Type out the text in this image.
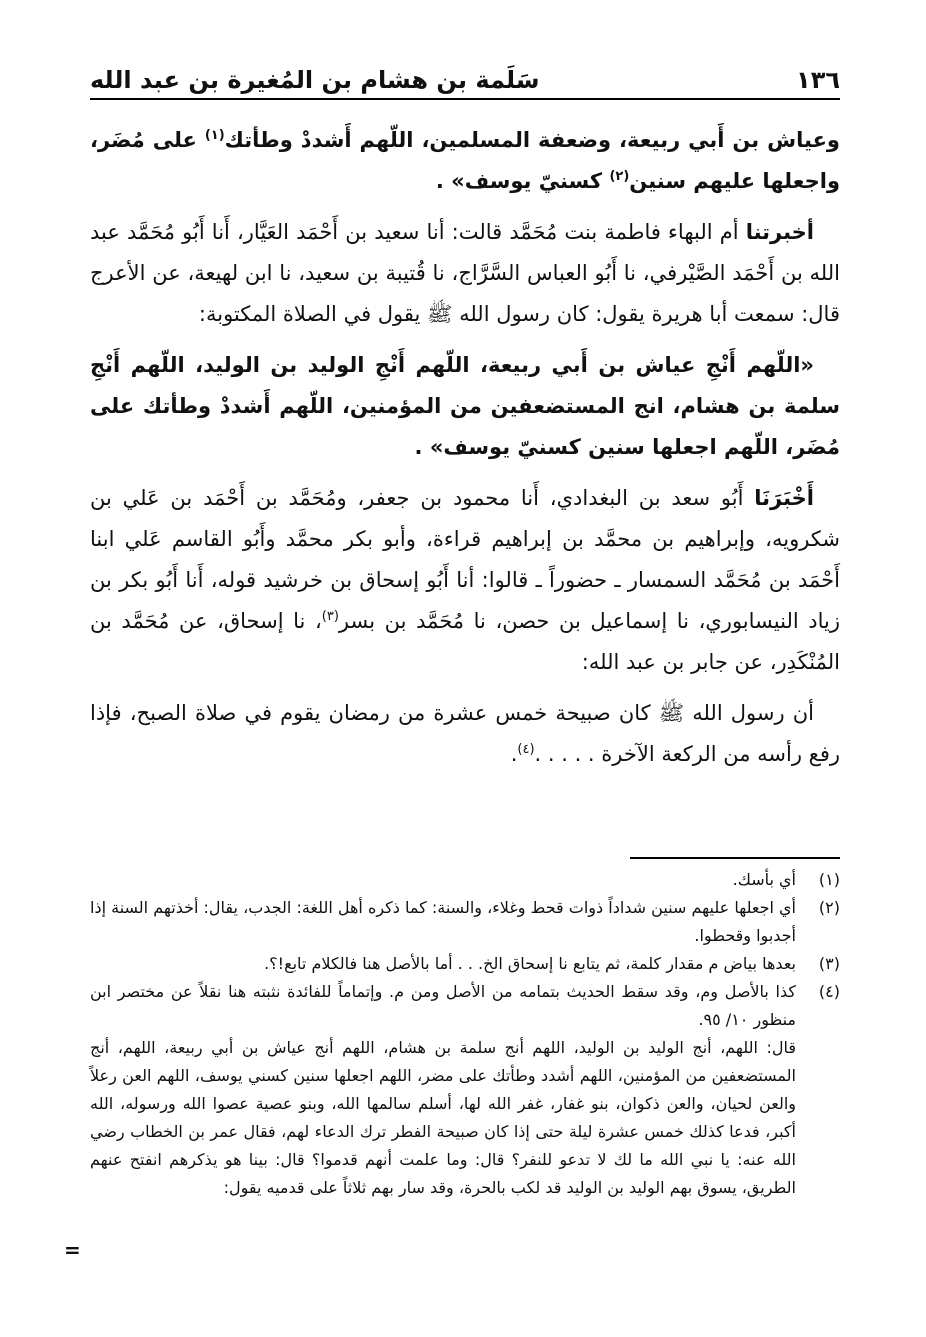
١٣٦
سَلَمة بن هشام بن المُغيرة بن عبد الله

وعياش بن أَبي ربيعة، وضعفة المسلمين، اللّهم أَشددْ وطأتك$^{(١)}$ على مُضَر، واجعلها عليهم سنين$^{(٢)}$ كسنيّ يوسف» .

أخبرتنا أم البهاء فاطمة بنت مُحَمَّد قالت: أنا سعيد بن أَحْمَد العَيَّار، أَنا أَبُو مُحَمَّد عبد الله بن أَحْمَد الصَّيْرفي، نا أَبُو العباس السَّرَّاج، نا قُتيبة بن سعيد، نا ابن لهيعة، عن الأعرج قال: سمعت أبا هريرة يقول: كان رسول الله ﷺ يقول في الصلاة المكتوبة:

«اللّهم أَنْجِ عياش بن أَبي ربيعة، اللّهم أَنْجِ الوليد بن الوليد، اللّهم أَنْجِ سلمة بن هشام، انج المستضعفين من المؤمنين، اللّهم أَشددْ وطأتك على مُضَر، اللّهم اجعلها سنين كسنيّ يوسف» .

أَخْبَرَنَا أَبُو سعد بن البغدادي، أَنا محمود بن جعفر، ومُحَمَّد بن أَحْمَد بن عَلي بن شكرويه، وإبراهيم بن محمَّد بن إبراهيم قراءة، وأبو بكر محمَّد وأَبُو القاسم عَلي ابنا أَحْمَد بن مُحَمَّد السمسار ـ حضوراً ـ قالوا: أنا أَبُو إسحاق بن خرشيد قوله، أَنا أَبُو بكر بن زياد النيسابوري، نا إسماعيل بن حصن، نا مُحَمَّد بن بسر$^{(٣)}$، نا إسحاق، عن مُحَمَّد بن المُنْكَدِر، عن جابر بن عبد الله:

أن رسول الله ﷺ كان صبيحة خمس عشرة من رمضان يقوم في صلاة الصبح، فإذا رفع رأسه من الركعة الآخرة . . . . .$^{(٤)}$.

(١)
أي بأسك.
(٢)
أي اجعلها عليهم سنين شداداً ذوات قحط وغلاء، والسنة: كما ذكره أهل اللغة: الجدب، يقال: أخذتهم السنة إذا أجدبوا وقحطوا.
(٣)
بعدها بياض م مقدار كلمة، ثم يتابع نا إسحاق الخ. . . أما بالأصل هنا فالكلام تابع!؟.
(٤)
كذا بالأصل وم، وقد سقط الحديث بتمامه من الأصل ومن م. وإتماماً للفائدة نثبته هنا نقلاً عن مختصر ابن منظور ١٠/ ٩٥.
قال: اللهم، أنج الوليد بن الوليد، اللهم أنج سلمة بن هشام، اللهم أنج عياش بن أبي ربيعة، اللهم، أنج المستضعفين من المؤمنين، اللهم أشدد وطأتك على مضر، اللهم اجعلها سنين كسني يوسف، اللهم العن رعلاً والعن لحيان، والعن ذكوان، بنو غفار، غفر الله لها، أسلم سالمها الله، وبنو عصية عصوا الله ورسوله، الله أكبر، فدعا كذلك خمس عشرة ليلة حتى إذا كان صبيحة الفطر ترك الدعاء لهم، فقال عمر بن الخطاب رضي الله عنه: يا نبي الله ما لك لا تدعو للنفر؟ قال: وما علمت أنهم قدموا؟ قال: بينا هو يذكرهم انفتح عنهم الطريق، يسوق بهم الوليد بن الوليد قد لكب بالحرة، وقد سار بهم ثلاثاً على قدميه يقول:
=
